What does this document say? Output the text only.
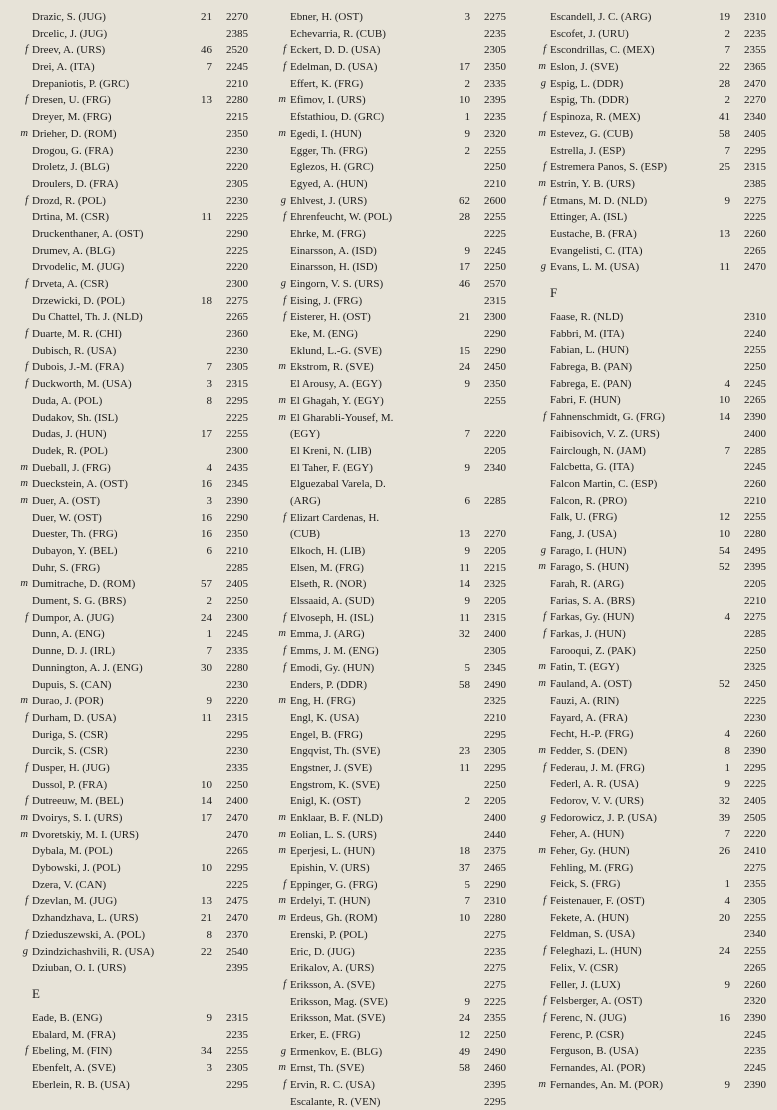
Drazic, S. (JUG)	21	2270
Drcelic, J. (JUG)	2385
f Dreev, A. (URS)	46	2520
Drei, A. (ITA)	7	2245
Drepaniotis, P. (GRC)	2210
f Dresen, U. (FRG)	13	2280
Dreyer, M. (FRG)	2215
m Drieher, D. (ROM)	2350
Drogou, G. (FRA)	2230
Droletz, J. (BLG)	2220
Droulers, D. (FRA)	2305
f Drozd, R. (POL)	2230
Drtina, M. (CSR)	11	2225
Druckenthaner, A. (OST)	2290
Drumev, A. (BLG)	2225
Drvodelic, M. (JUG)	2220
f Drveta, A. (CSR)	2300
Drzewicki, D. (POL)	18	2275
Du Chattel, Th. J. (NLD)	2265
f Duarte, M. R. (CHI)	2360
Dubisch, R. (USA)	2230
f Dubois, J.-M. (FRA)	7	2305
f Duckworth, M. (USA)	3	2315
Duda, A. (POL)	8	2295
Dudakov, Sh. (ISL)	2225
Dudas, J. (HUN)	17	2255
Dudek, R. (POL)	2300
m Dueball, J. (FRG)	4	2435
m Dueckstein, A. (OST)	16	2345
m Duer, A. (OST)	3	2390
Duer, W. (OST)	16	2290
Duester, Th. (FRG)	16	2350
Dubayon, Y. (BEL)	6	2210
Duhr, S. (FRG)	2285
m Dumitrache, D. (ROM)	57	2405
Dument, S. G. (BRS)	2	2250
f Dumpor, A. (JUG)	24	2300
Dunn, A. (ENG)	1	2245
Dunne, D. J. (IRL)	7	2335
Dunnington, A. J. (ENG)	30	2280
Dupuis, S. (CAN)	2230
m Durao, J. (POR)	9	2220
f Durham, D. (USA)	11	2315
Duriga, S. (CSR)	2295
Durcik, S. (CSR)	2230
f Dusper, H. (JUG)	2335
Dussol, P. (FRA)	10	2250
f Dutreeuw, M. (BEL)	14	2400
m Dvoirys, S. I. (URS)	17	2470
m Dvoretskiy, M. I. (URS)	2470
Dybala, M. (POL)	2265
Dybowski, J. (POL)	10	2295
Dzera, V. (CAN)	2225
f Dzevlan, M. (JUG)	13	2475
Dzhandzhava, L. (URS)	21	2470
f Dzieduszewski, A. (POL)	8	2370
g Dzindzichashvili, R. (USA)	22	2540
Dziuban, O. I. (URS)	2395
E
Eade, B. (ENG)	9	2315
Ebalard, M. (FRA)	2235
f Ebeling, M. (FIN)	34	2255
Ebenfelt, A. (SVE)	3	2305
Eberlein, R. B. (USA)	2295
Ebner, H. (OST)	3	2275
Echevarria, R. (CUB)	2235
f Eckert, D. D. (USA)	2305
f Edelman, D. (USA)	17	2350
Effert, K. (FRG)	2	2335
m Efimov, I. (URS)	10	2395
Efstathiou, D. (GRC)	1	2235
m Egedi, I. (HUN)	9	2320
Egger, Th. (FRG)	2	2255
Eglezos, H. (GRC)	2250
Egyed, A. (HUN)	2210
g Ehlvest, J. (URS)	62	2600
f Ehrenfeucht, W. (POL)	28	2255
Ehrke, M. (FRG)	2225
Einarsson, A. (ISD)	9	2245
Einarsson, H. (ISD)	17	2250
g Eingorn, V. S. (URS)	46	2570
f Eising, J. (FRG)	2315
f Eisterer, H. (OST)	21	2300
Eke, M. (ENG)	2290
Eklund, L.-G. (SVE)	15	2290
m Ekstrom, R. (SVE)	24	2450
El Arousy, A. (EGY)	9	2350
m El Ghagah, Y. (EGY)	2255
m El Gharabli-Yousef, M.
(EGY)	7	2220
El Kreni, N. (LIB)	2205
El Taher, F. (EGY)	9	2340
Elguezabal Varela, D.
(ARG)	6	2285
f Elizart Cardenas, H.
(CUB)	13	2270
Elkoch, H. (LIB)	9	2205
Elsen, M. (FRG)	11	2215
Elseth, R. (NOR)	14	2325
Elssaaid, A. (SUD)	9	2205
f Elvoseph, H. (ISL)	11	2315
m Emma, J. (ARG)	32	2400
f Emms, J. M. (ENG)	2305
f Emodi, Gy. (HUN)	5	2345
Enders, P. (DDR)	58	2490
m Eng, H. (FRG)	2325
Engl, K. (USA)	2210
Engel, B. (FRG)	2295
Engqvist, Th. (SVE)	23	2305
Engstner, J. (SVE)	11	2295
Engstrom, K. (SVE)	2250
Enigl, K. (OST)	2	2205
m Enklaar, B. F. (NLD)	2400
m Eolian, L. S. (URS)	2440
m Eperjesi, L. (HUN)	18	2375
Epishin, V. (URS)	37	2465
f Eppinger, G. (FRG)	5	2290
m Erdelyi, T. (HUN)	7	2310
m Erdeus, Gh. (ROM)	10	2280
Erenski, P. (POL)	2275
Eric, D. (JUG)	2235
Erikalov, A. (URS)	2275
f Eriksson, A. (SVE)	2275
Eriksson, Mag. (SVE)	9	2225
Eriksson, Mat. (SVE)	24	2355
Erker, E. (FRG)	12	2250
g Ermenkov, E. (BLG)	49	2490
m Ernst, Th. (SVE)	58	2460
f Ervin, R. C. (USA)	2395
Escalante, R. (VEN)	2295
Escandell, J. C. (ARG)	19	2310
Escofet, J. (URU)	2	2235
f Escondrillas, C. (MEX)	7	2355
m Eslon, J. (SVE)	22	2365
g Espig, L. (DDR)	28	2470
Espig, Th. (DDR)	2	2270
f Espinoza, R. (MEX)	41	2340
m Estevez, G. (CUB)	58	2405
Estrella, J. (ESP)	7	2295
f Estremera Panos, S. (ESP)	25	2315
m Estrin, Y. B. (URS)	2385
f Etmans, M. D. (NLD)	9	2275
Ettinger, A. (ISL)	2225
Eustache, B. (FRA)	13	2260
Evangelisti, C. (ITA)	2265
g Evans, L. M. (USA)	11	2470
F
Faase, R. (NLD)	2310
Fabbri, M. (ITA)	2240
Fabian, L. (HUN)	2255
Fabrega, B. (PAN)	2250
Fabrega, E. (PAN)	4	2245
Fabri, F. (HUN)	10	2265
f Fahnenschmidt, G. (FRG)	14	2390
Faibisovich, V. Z. (URS)	2400
Fairclough, N. (JAM)	7	2285
Falcbetta, G. (ITA)	2245
Falcon Martin, C. (ESP)	2260
Falcon, R. (PRO)	2210
Falk, U. (FRG)	12	2255
Fang, J. (USA)	10	2280
g Farago, I. (HUN)	54	2495
m Farago, S. (HUN)	52	2395
Farah, R. (ARG)	2205
Farias, S. A. (BRS)	2210
f Farkas, Gy. (HUN)	4	2275
f Farkas, J. (HUN)	2285
Farooqui, Z. (PAK)	2250
m Fatin, T. (EGY)	2325
m Fauland, A. (OST)	52	2450
Fauzi, A. (RIN)	2225
Fayard, A. (FRA)	2230
Fecht, H.-P. (FRG)	4	2260
m Fedder, S. (DEN)	8	2390
f Federau, J. M. (FRG)	1	2295
Federl, A. R. (USA)	9	2225
Fedorov, V. V. (URS)	32	2405
g Fedorowicz, J. P. (USA)	39	2505
Feher, A. (HUN)	7	2220
m Feher, Gy. (HUN)	26	2410
Fehling, M. (FRG)	2275
Feick, S. (FRG)	1	2355
f Feistenauer, F. (OST)	4	2305
Fekete, A. (HUN)	20	2255
Feldman, S. (USA)	2340
f Feleghazi, L. (HUN)	24	2255
Felix, V. (CSR)	2265
Feller, J. (LUX)	9	2260
f Felsberger, A. (OST)	2320
f Ferenc, N. (JUG)	16	2390
Ferenc, P. (CSR)	2245
Ferguson, B. (USA)	2235
Fernandes, Al. (POR)	2245
m Fernandes, An. M. (POR)	9	2390
